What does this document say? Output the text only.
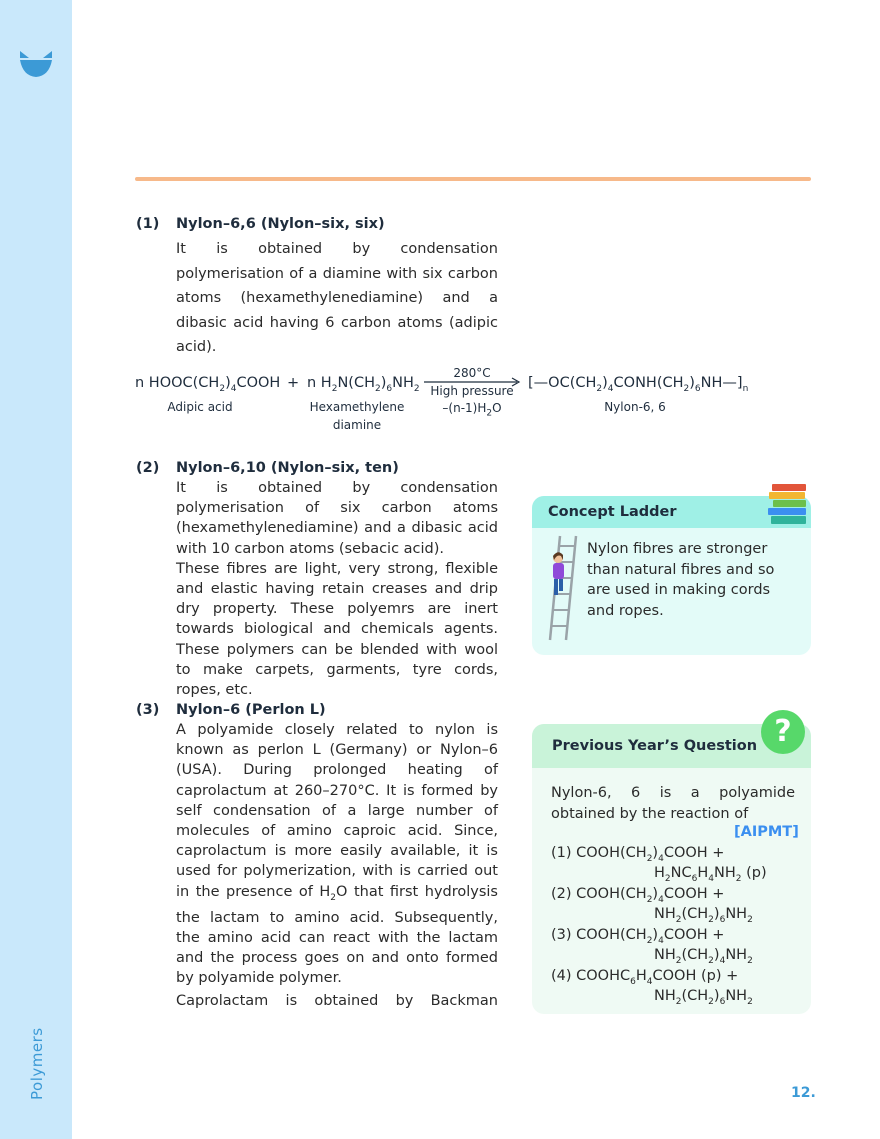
Polymers
(1) Nylon–6,6 (Nylon–six, six)
It is obtained by condensation polymerisation of a diamine with six carbon atoms (hexamethylenediamine) and a dibasic acid having 6 carbon atoms (adipic acid).
n $HOOC(CH_2)_4COOH + n$ $H_2N(CH_2)_6NH_2$
280°C
High pressure
$-(n-1)H_2O$
$[—OC(CH_2)_4CONH(CH_2)_6NH—]_n$
Adipic acid	Hexamethylene
diamine
Nylon-6, 6
(2) Nylon–6,10 (Nylon–six, ten)
It is obtained by condensation polymerisation of six carbon atoms (hexamethylenediamine) and a dibasic acid with 10 carbon atoms (sebacic acid).
These fibres are light, very strong, flexible and elastic having retain creases and drip dry property. These polyemrs are inert towards biological and chemicals agents. These polymers can be blended with wool to make carpets, garments, tyre cords, ropes, etc.
(3) Nylon–6 (Perlon L)
A polyamide closely related to nylon is known as perlon L (Germany) or Nylon–6 (USA). During prolonged heating of caprolactum at 260–270°C. It is formed by self condensation of a large number of molecules of amino caproic acid. Since, caprolactum is more easily available, it is used for polymerization, with is carried out in the presence of $H_2O$ that first hydrolysis the lactam to amino acid. Subsequently, the amino acid can react with the lactam and the process goes on and onto formed by polyamide polymer.
Caprolactam is obtained by Backman
Concept Ladder
Nylon fibres are stronger than natural fibres and so are used in making cords and ropes.
Previous Year’s Question ?
Nylon-6, 6 is a polyamide obtained by the reaction of
[AIPMT]
(1) $COOH(CH_2)_4COOH$ +
$H_2NC_6H_4NH_2$ (p)
(2) $COOH(CH_2)_4COOH$ +
$NH_2(CH_2)_6NH_2$
(3) $COOH(CH_2)_4COOH$ +
$NH_2(CH_2)_4NH_2$
(4) $COOHC_6H_4COOH$ (p) +
$NH_2(CH_2)_6NH_2$
12.
